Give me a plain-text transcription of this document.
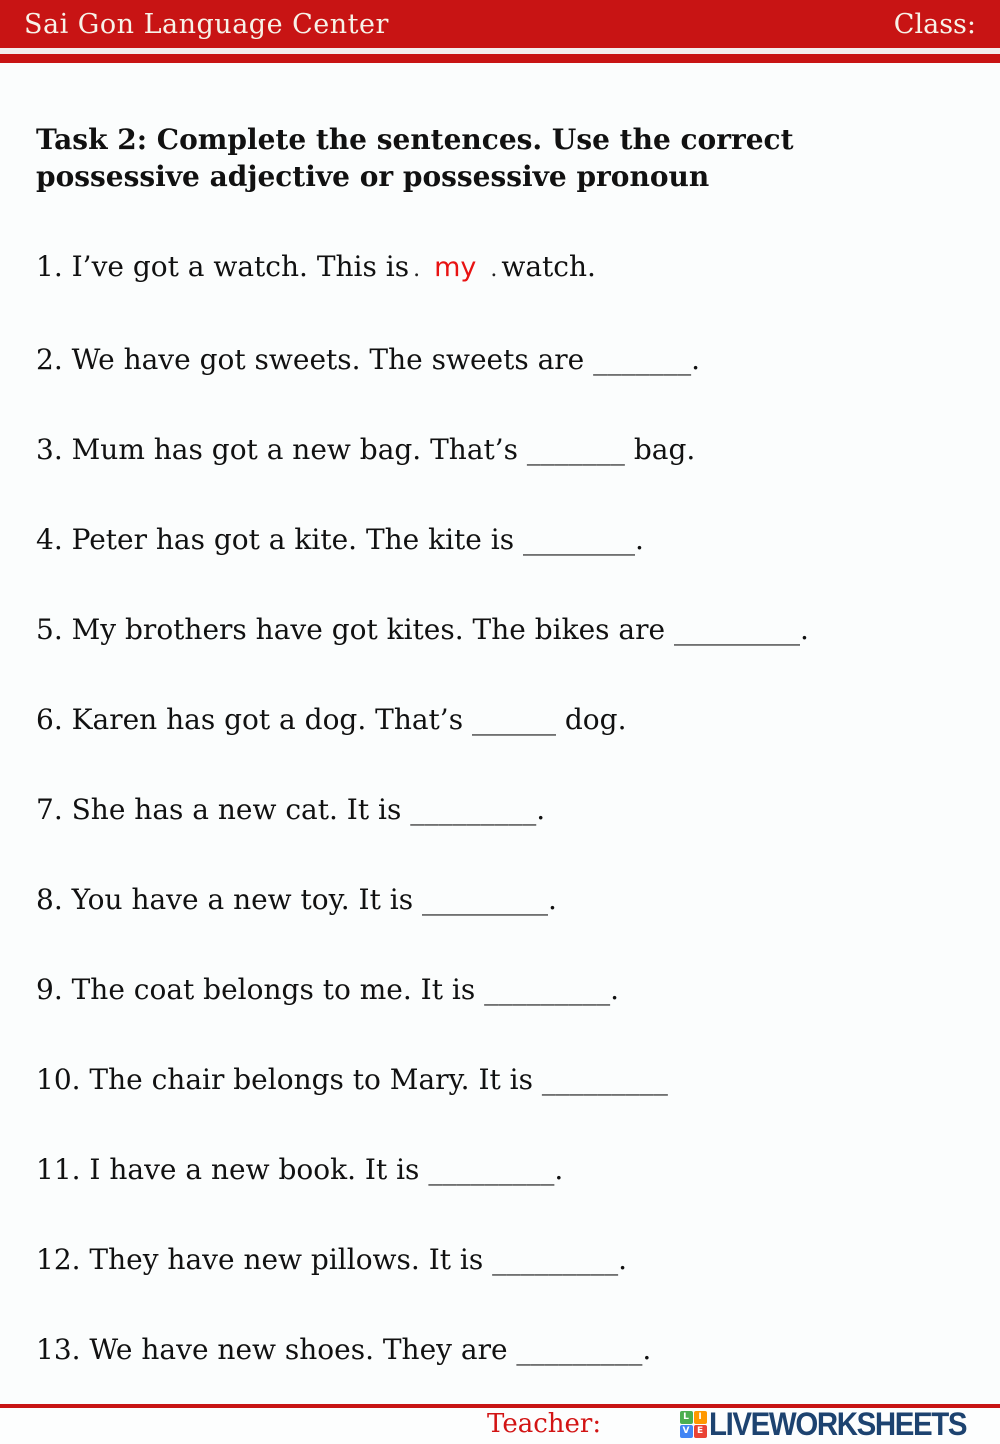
Sai Gon Language Center	Class:
Task 2: Complete the sentences. Use the correct possessive adjective or possessive pronoun

1. I’ve got a watch. This is . my . watch.

2. We have got sweets. The sweets are _______.

3. Mum has got a new bag. That’s _______ bag.

4. Peter has got a kite. The kite is ________.

5. My brothers have got kites. The bikes are _________.

6. Karen has got a dog. That’s ______ dog.

7. She has a new cat. It is _________.

8. You have a new toy. It is _________.

9. The coat belongs to me. It is _________.

10. The chair belongs to Mary. It is _________

11. I have a new book. It is _________.

12. They have new pillows. It is _________.

13. We have new shoes. They are _________.

Teacher:	L	I
V E LIVEWORKSHEETS
